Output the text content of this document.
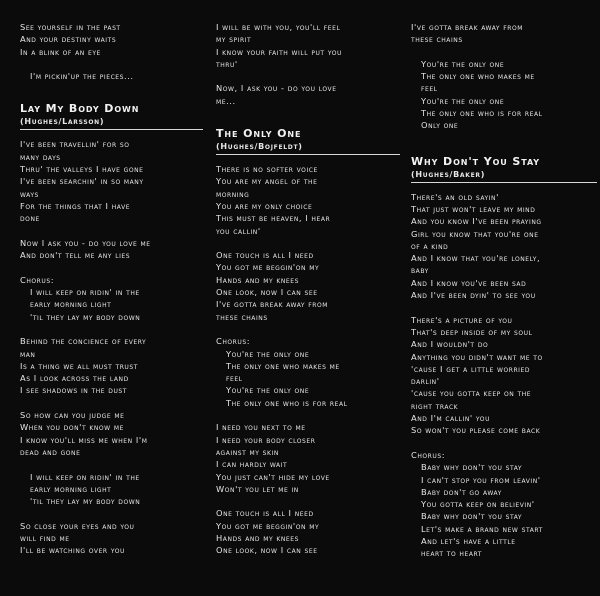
See yourself in the past
And your destiny waits
In a blink of an eye
I'm pickin'up the pieces...
Lay My Body Down
(Hughes/Larsson)
I've been travellin' for so
many days
Thru' the valleys I have gone
I've been searchin' in so many
ways
For the things that I have
done
Now I ask you - do you love me
And don't tell me any lies
Chorus:
I will keep on ridin' in the
early morning light
'til they lay my body down
Behind the concience of every
man
Is a thing we all must trust
As I look across the land
I see shadows in the dust
So how can you judge me
When you don't know me
I know you'll miss me when I'm
dead and gone
I will keep on ridin' in the
early morning light
'til they lay my body down
So close your eyes and you
will find me
I'll be watching over you
I will be with you, you'll feel
my spirit
I know your faith will put you
thru'
Now, I ask you - do you love
me...
The Only One
(Hughes/Bojfeldt)
There is no softer voice
You are my angel of the
morning
You are my only choice
This must be heaven, I hear
you callin'
One touch is all I need
You got me beggin'on my
Hands and my knees
One look, now I can see
I've gotta break away from
these chains
Chorus:
You're the only one
The only one who makes me
feel
You're the only one
The only one who is for real
I need you next to me
I need your body closer
against my skin
I can hardly wait
You just can't hide my love
Won't you let me in
One touch is all I need
You got me beggin'on my
Hands and my knees
One look, now I can see
I've gotta break away from
these chains
You're the only one
The only one who makes me
feel
You're the only one
The only one who is for real
Only one
Why Don't You Stay
(Hughes/Baker)
There's an old sayin'
That just won't leave my mind
And you know I've been praying
Girl you know that you're one
of a kind
And I know that you're lonely,
baby
And I know you've been sad
And I've been dyin' to see you
There's a picture of you
That's deep inside of my soul
And I wouldn't do
Anything you didn't want me to
'cause I get a little worried
darlin'
'cause you gotta keep on the
right track
And I'm callin' you
So won't you please come back
Chorus:
Baby why don't you stay
I can't stop you from leavin'
Baby don't go away
You gotta keep on believin'
Baby why don't you stay
Let's make a brand new start
And let's have a little
heart to heart
